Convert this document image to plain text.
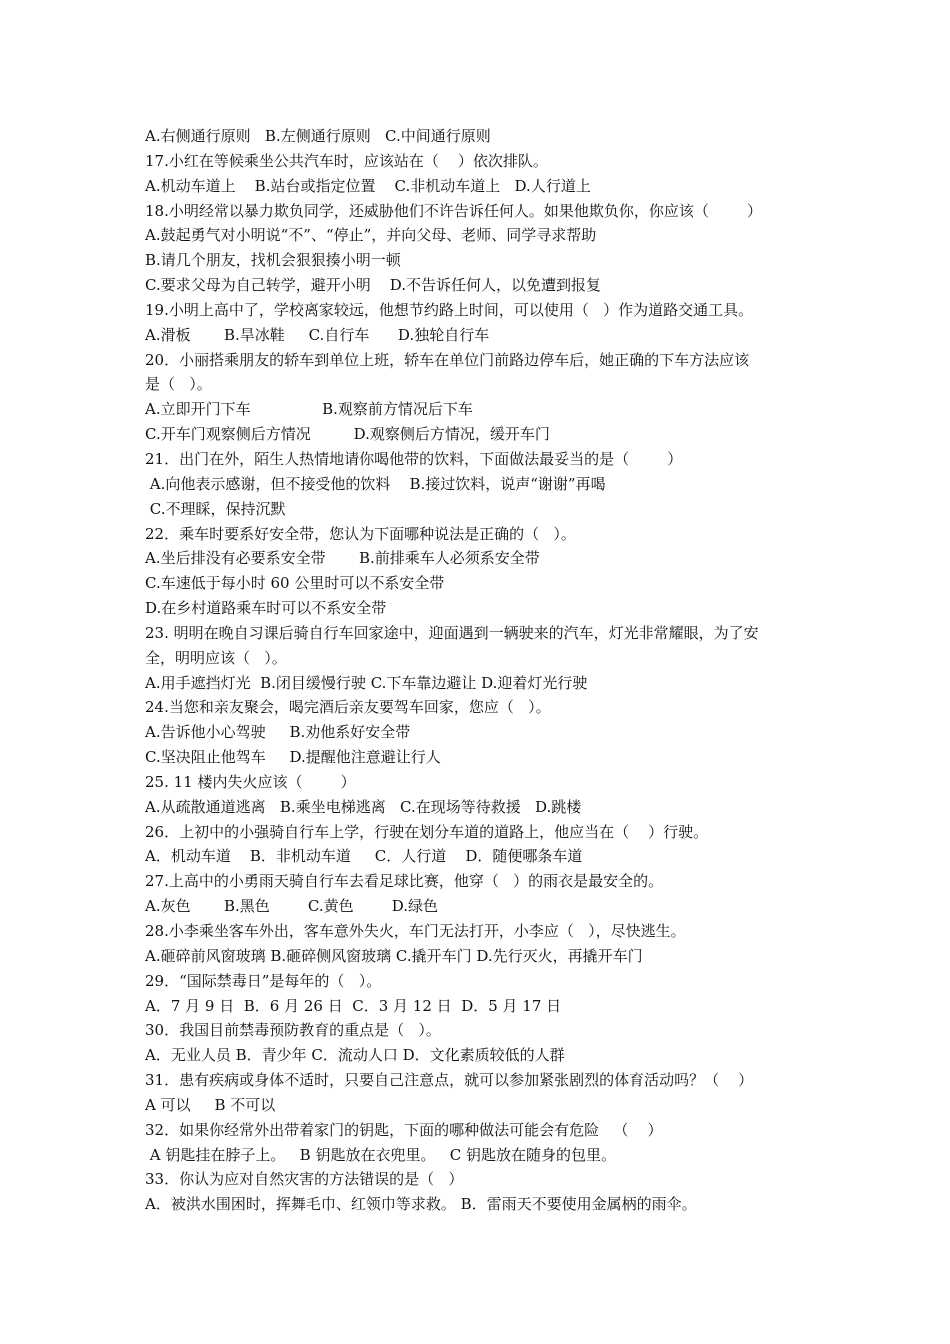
A.右侧通行原则   B.左侧通行原则   C.中间通行原则
17.小红在等候乘坐公共汽车时，应该站在（    ）依次排队。
A.机动车道上    B.站台或指定位置    C.非机动车道上   D.人行道上
18.小明经常以暴力欺负同学，还威胁他们不许告诉任何人。如果他欺负你，你应该（        ）
A.鼓起勇气对小明说“不”、“停止”，并向父母、老师、同学寻求帮助
B.请几个朋友，找机会狠狠揍小明一顿
C.要求父母为自己转学，避开小明    D.不告诉任何人，以免遭到报复
19.小明上高中了，学校离家较远，他想节约路上时间，可以使用（   ）作为道路交通工具。
A.滑板       B.旱冰鞋     C.自行车      D.独轮自行车
20．小丽搭乘朋友的轿车到单位上班，轿车在单位门前路边停车后，她正确的下车方法应该
是（   ）。
A.立即开门下车               B.观察前方情况后下车
C.开车门观察侧后方情况         D.观察侧后方情况，缓开车门
21．出门在外，陌生人热情地请你喝他带的饮料，下面做法最妥当的是（        ）
A.向他表示感谢，但不接受他的饮料    B.接过饮料，说声“谢谢”再喝
C.不理睬，保持沉默
22．乘车时要系好安全带，您认为下面哪种说法是正确的（   ）。
A.坐后排没有必要系安全带       B.前排乘车人必须系安全带
C.车速低于每小时 60 公里时可以不系安全带
D.在乡村道路乘车时可以不系安全带
23. 明明在晚自习课后骑自行车回家途中，迎面遇到一辆驶来的汽车，灯光非常耀眼，为了安
全，明明应该（   ）。
A.用手遮挡灯光  B.闭目缓慢行驶 C.下车靠边避让 D.迎着灯光行驶
24.当您和亲友聚会，喝完酒后亲友要驾车回家，您应（   ）。
A.告诉他小心驾驶     B.劝他系好安全带
C.坚决阻止他驾车     D.提醒他注意避让行人
25. 11 楼内失火应该（        ）
A.从疏散通道逃离   B.乘坐电梯逃离   C.在现场等待救援   D.跳楼
26．上初中的小强骑自行车上学，行驶在划分车道的道路上，他应当在（    ）行驶。
A．机动车道    B．非机动车道     C．人行道    D．随便哪条车道
27.上高中的小勇雨天骑自行车去看足球比赛，他穿（   ）的雨衣是最安全的。
A.灰色       B.黑色        C.黄色        D.绿色
28.小李乘坐客车外出，客车意外失火，车门无法打开，小李应（   ），尽快逃生。
A.砸碎前风窗玻璃 B.砸碎侧风窗玻璃 C.撬开车门 D.先行灭火，再撬开车门
29．“国际禁毒日”是每年的（   ）。
A．7 月 9 日  B．6 月 26 日  C．3 月 12 日  D．5 月 17 日
30．我国目前禁毒预防教育的重点是（   ）。
A．无业人员 B．青少年 C．流动人口 D．文化素质较低的人群
31．患有疾病或身体不适时，只要自己注意点，就可以参加紧张剧烈的体育活动吗？（    ）
A 可以     B 不可以
32．如果你经常外出带着家门的钥匙，下面的哪种做法可能会有危险   （    ）
A 钥匙挂在脖子上。   B 钥匙放在衣兜里。   C 钥匙放在随身的包里。
33．你认为应对自然灾害的方法错误的是（   ）
A．被洪水围困时，挥舞毛巾、红领巾等求救。 B．雷雨天不要使用金属柄的雨伞。
